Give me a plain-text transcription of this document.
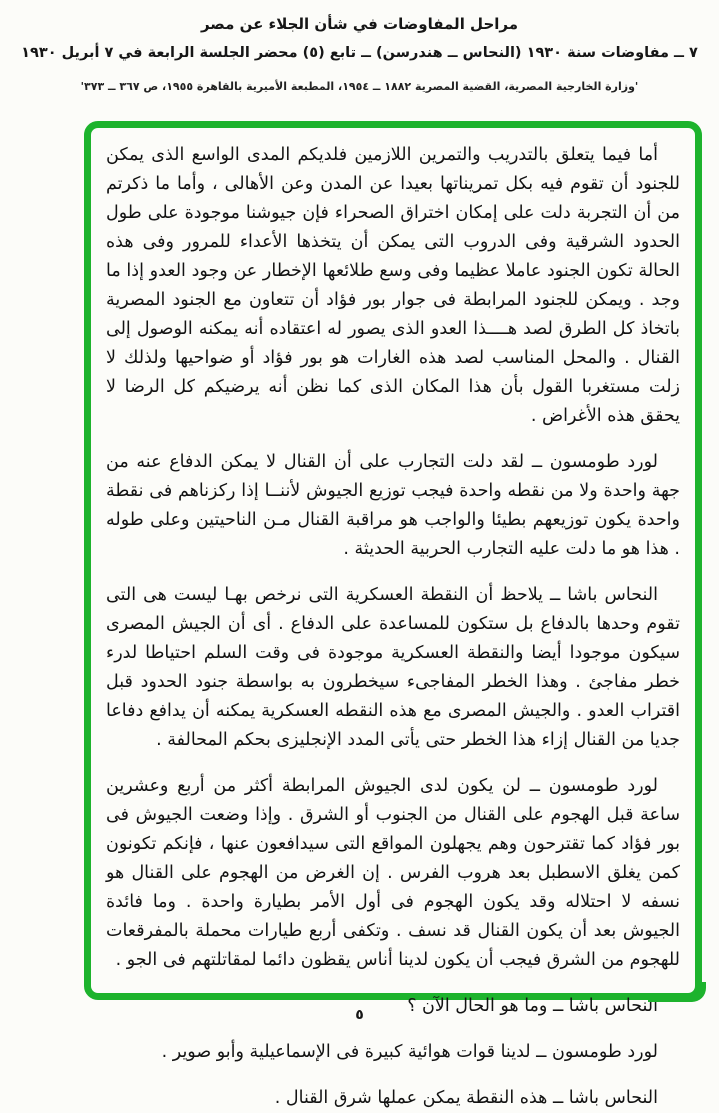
مراحل المفاوضات في شأن الجلاء عن مصر
٧ ــ مفاوضات سنة ١٩٣٠ (النحاس ــ هندرسن) ــ تابع (٥) محضر الجلسة الرابعة في ٧ أبريل ١٩٣٠
'وزارة الخارجية المصرية، القضية المصرية ١٨٨٢ ــ ١٩٥٤، المطبعة الأميرية بالقاهرة ١٩٥٥، ص ٣٦٧ ــ ٣٧٣'

أما فيما يتعلق بالتدريب والتمرين اللازمين فلديكم المدى الواسع الذى يمكن للجنود أن تقوم فيه بكل تمريناتها بعيدا عن المدن وعن الأهالى ، وأما ما ذكرتم من أن التجربة دلت على إمكان اختراق الصحراء فإن جيوشنا موجودة على طول الحدود الشرقية وفى الدروب التى يمكن أن يتخذها الأعداء للمرور وفى هذه الحالة تكون الجنود عاملا عظيما وفى وسع طلائعها الإخطار عن وجود العدو إذا ما وجد . ويمكن للجنود المرابطة فى جوار بور فؤاد أن تتعاون مع الجنود المصرية باتخاذ كل الطرق لصد هــــذا العدو الذى يصور له اعتقاده أنه يمكنه الوصول إلى القنال . والمحل المناسب لصد هذه الغارات هو بور فؤاد أو ضواحيها ولذلك لا زلت مستغربا القول بأن هذا المكان الذى كما نظن أنه يرضيكم كل الرضا لا يحقق هذه الأغراض .

لورد طومسون ــ لقد دلت التجارب على أن القنال لا يمكن الدفاع عنه من جهة واحدة ولا من نقطه واحدة فيجب توزيع الجيوش لأننــا إذا ركزناهم فى نقطة واحدة يكون توزيعهم بطيئا والواجب هو مراقبة القنال مـن الناحيتين وعلى طوله . هذا هو ما دلت عليه التجارب الحربية الحديثة .

النحاس باشا ــ يلاحظ أن النقطة العسكرية التى نرخص بهـا ليست هى التى تقوم وحدها بالدفاع بل ستكون للمساعدة على الدفاع . أى أن الجيش المصرى سيكون موجودا أيضا والنقطة العسكرية موجودة فى وقت السلم احتياطا لدرء خطر مفاجئ . وهذا الخطر المفاجىء سيخطرون به بواسطة جنود الحدود قبل اقتراب العدو . والجيش المصرى مع هذه النقطه العسكرية يمكنه أن يدافع دفاعا جديا من القنال إزاء هذا الخطر حتى يأتى المدد الإنجليزى بحكم المحالفة .

لورد طومسون ــ لن يكون لدى الجيوش المرابطة أكثر من أربع وعشرين ساعة قبل الهجوم على القنال من الجنوب أو الشرق . وإذا وضعت الجيوش فى بور فؤاد كما تقترحون وهم يجهلون المواقع التى سيدافعون عنها ، فإنكم تكونون كمن يغلق الاسطبل بعد هروب الفرس . إن الغرض من الهجوم على القنال هو نسفه لا احتلاله وقد يكون الهجوم فى أول الأمر بطيارة واحدة . وما فائدة الجيوش بعد أن يكون القنال قد نسف . وتكفى أربع طيارات محملة بالمفرقعات للهجوم من الشرق فيجب أن يكون لدينا أناس يقظون دائما لمقاتلتهم فى الجو .

النحاس باشا ــ وما هو الحال الآن ؟

لورد طومسون ــ لدينا قوات هوائية كبيرة فى الإسماعيلية وأبو صوير .

النحاس باشا ــ هذه النقطة يمكن عملها شرق القنال .

٥
